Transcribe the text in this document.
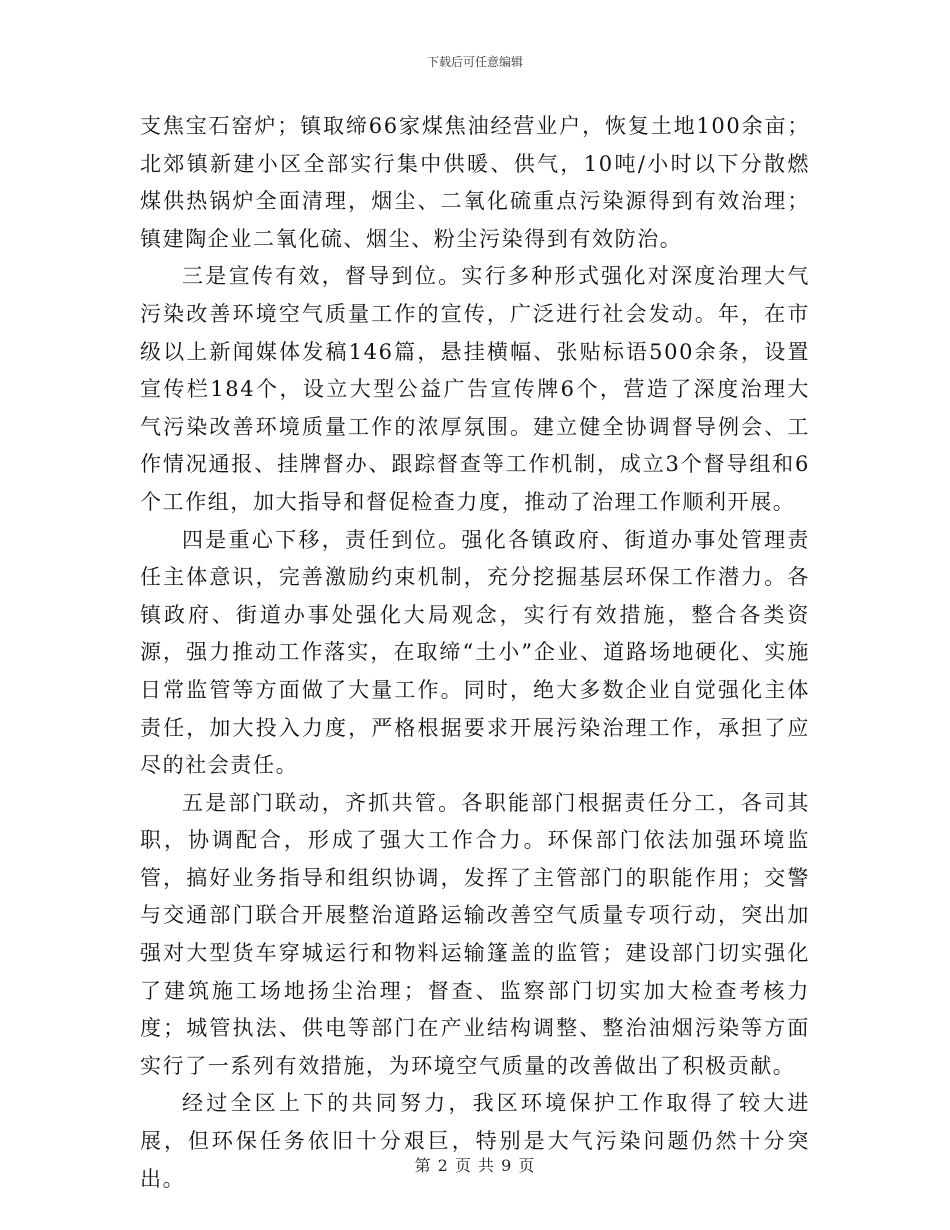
下载后可任意编辑

支焦宝石窑炉；镇取缔66家煤焦油经营业户，恢复土地100余亩；北郊镇新建小区全部实行集中供暖、供气，10吨/小时以下分散燃煤供热锅炉全面清理，烟尘、二氧化硫重点污染源得到有效治理；镇建陶企业二氧化硫、烟尘、粉尘污染得到有效防治。

三是宣传有效，督导到位。实行多种形式强化对深度治理大气污染改善环境空气质量工作的宣传，广泛进行社会发动。年，在市级以上新闻媒体发稿146篇，悬挂横幅、张贴标语500余条，设置宣传栏184个，设立大型公益广告宣传牌6个，营造了深度治理大气污染改善环境质量工作的浓厚氛围。建立健全协调督导例会、工作情况通报、挂牌督办、跟踪督查等工作机制，成立3个督导组和6个工作组，加大指导和督促检查力度，推动了治理工作顺利开展。

四是重心下移，责任到位。强化各镇政府、街道办事处管理责任主体意识，完善激励约束机制，充分挖掘基层环保工作潜力。各镇政府、街道办事处强化大局观念，实行有效措施，整合各类资源，强力推动工作落实，在取缔“土小”企业、道路场地硬化、实施日常监管等方面做了大量工作。同时，绝大多数企业自觉强化主体责任，加大投入力度，严格根据要求开展污染治理工作，承担了应尽的社会责任。

五是部门联动，齐抓共管。各职能部门根据责任分工，各司其职，协调配合，形成了强大工作合力。环保部门依法加强环境监管，搞好业务指导和组织协调，发挥了主管部门的职能作用；交警与交通部门联合开展整治道路运输改善空气质量专项行动，突出加强对大型货车穿城运行和物料运输篷盖的监管；建设部门切实强化了建筑施工场地扬尘治理；督查、监察部门切实加大检查考核力度；城管执法、供电等部门在产业结构调整、整治油烟污染等方面实行了一系列有效措施，为环境空气质量的改善做出了积极贡献。

经过全区上下的共同努力，我区环境保护工作取得了较大进展，但环保任务依旧十分艰巨，特别是大气污染问题仍然十分突出。

第 2 页 共 9 页
